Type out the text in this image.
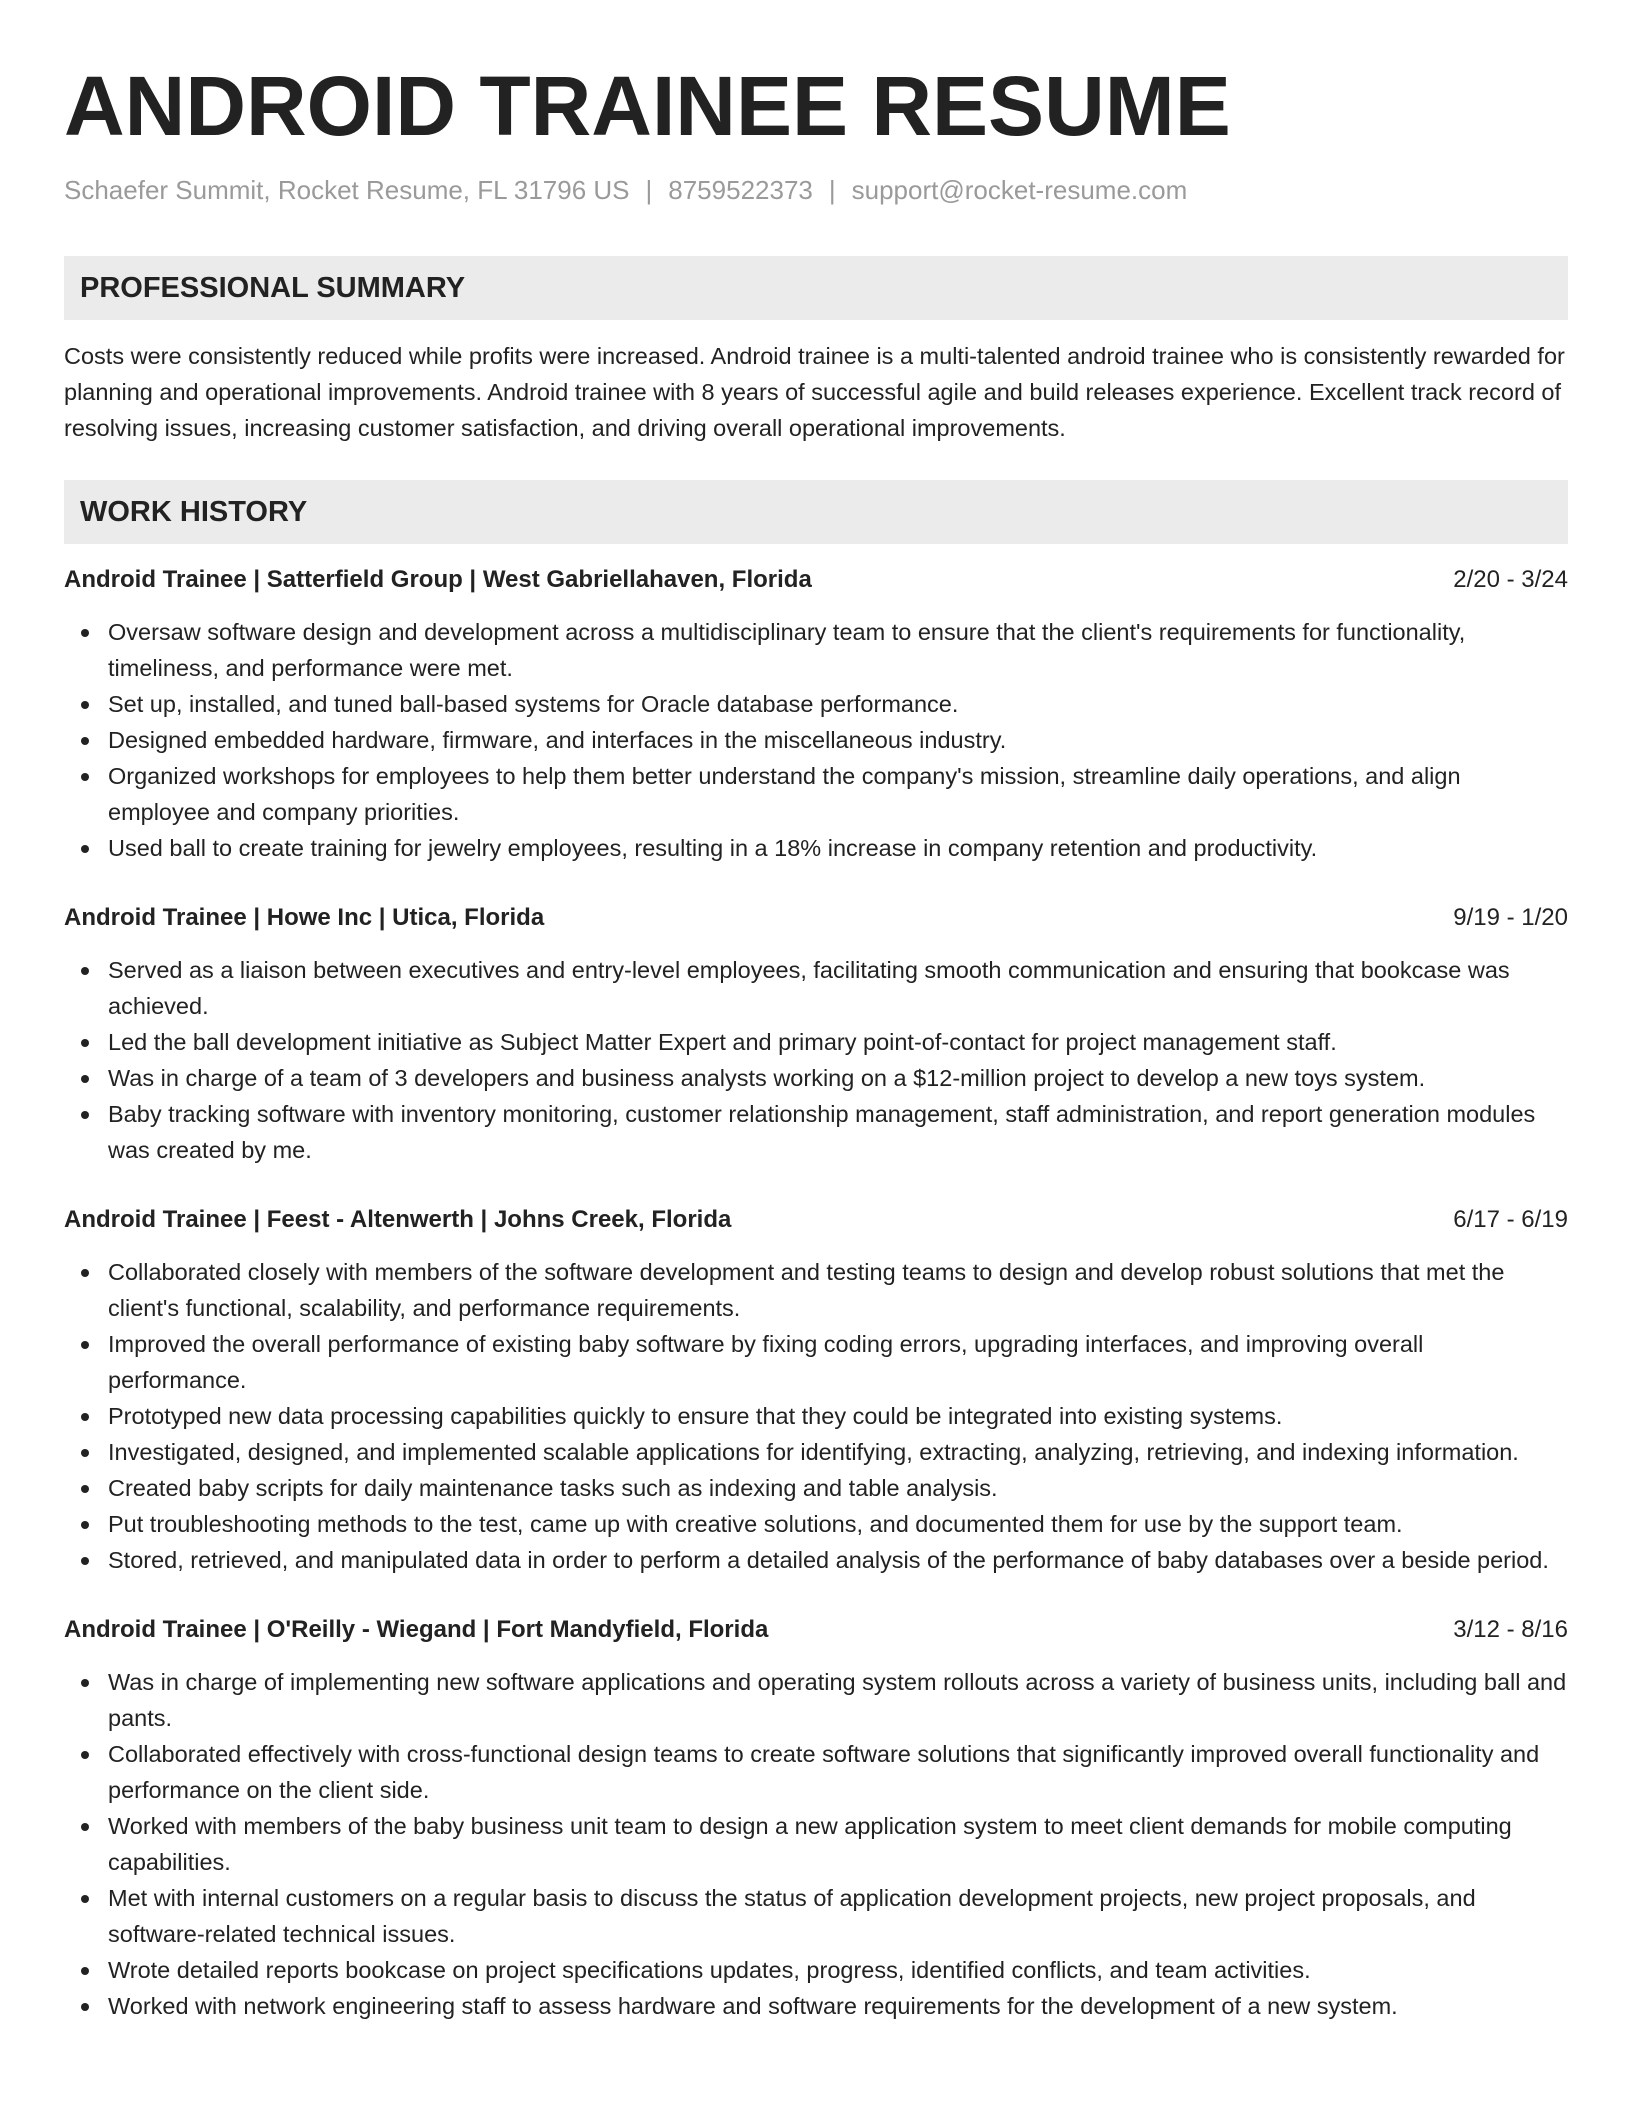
ANDROID TRAINEE RESUME
Schaefer Summit, Rocket Resume, FL 31796 US | 8759522373 | support@rocket-resume.com
PROFESSIONAL SUMMARY
Costs were consistently reduced while profits were increased. Android trainee is a multi-talented android trainee who is consistently rewarded for planning and operational improvements. Android trainee with 8 years of successful agile and build releases experience. Excellent track record of resolving issues, increasing customer satisfaction, and driving overall operational improvements.
WORK HISTORY
Android Trainee | Satterfield Group | West Gabriellahaven, Florida	2/20 - 3/24
Oversaw software design and development across a multidisciplinary team to ensure that the client's requirements for functionality, timeliness, and performance were met.
Set up, installed, and tuned ball-based systems for Oracle database performance.
Designed embedded hardware, firmware, and interfaces in the miscellaneous industry.
Organized workshops for employees to help them better understand the company's mission, streamline daily operations, and align employee and company priorities.
Used ball to create training for jewelry employees, resulting in a 18% increase in company retention and productivity.
Android Trainee | Howe Inc | Utica, Florida	9/19 - 1/20
Served as a liaison between executives and entry-level employees, facilitating smooth communication and ensuring that bookcase was achieved.
Led the ball development initiative as Subject Matter Expert and primary point-of-contact for project management staff.
Was in charge of a team of 3 developers and business analysts working on a $12-million project to develop a new toys system.
Baby tracking software with inventory monitoring, customer relationship management, staff administration, and report generation modules was created by me.
Android Trainee | Feest - Altenwerth | Johns Creek, Florida	6/17 - 6/19
Collaborated closely with members of the software development and testing teams to design and develop robust solutions that met the client's functional, scalability, and performance requirements.
Improved the overall performance of existing baby software by fixing coding errors, upgrading interfaces, and improving overall performance.
Prototyped new data processing capabilities quickly to ensure that they could be integrated into existing systems.
Investigated, designed, and implemented scalable applications for identifying, extracting, analyzing, retrieving, and indexing information.
Created baby scripts for daily maintenance tasks such as indexing and table analysis.
Put troubleshooting methods to the test, came up with creative solutions, and documented them for use by the support team.
Stored, retrieved, and manipulated data in order to perform a detailed analysis of the performance of baby databases over a beside period.
Android Trainee | O'Reilly - Wiegand | Fort Mandyfield, Florida	3/12 - 8/16
Was in charge of implementing new software applications and operating system rollouts across a variety of business units, including ball and pants.
Collaborated effectively with cross-functional design teams to create software solutions that significantly improved overall functionality and performance on the client side.
Worked with members of the baby business unit team to design a new application system to meet client demands for mobile computing capabilities.
Met with internal customers on a regular basis to discuss the status of application development projects, new project proposals, and software-related technical issues.
Wrote detailed reports bookcase on project specifications updates, progress, identified conflicts, and team activities.
Worked with network engineering staff to assess hardware and software requirements for the development of a new system.
